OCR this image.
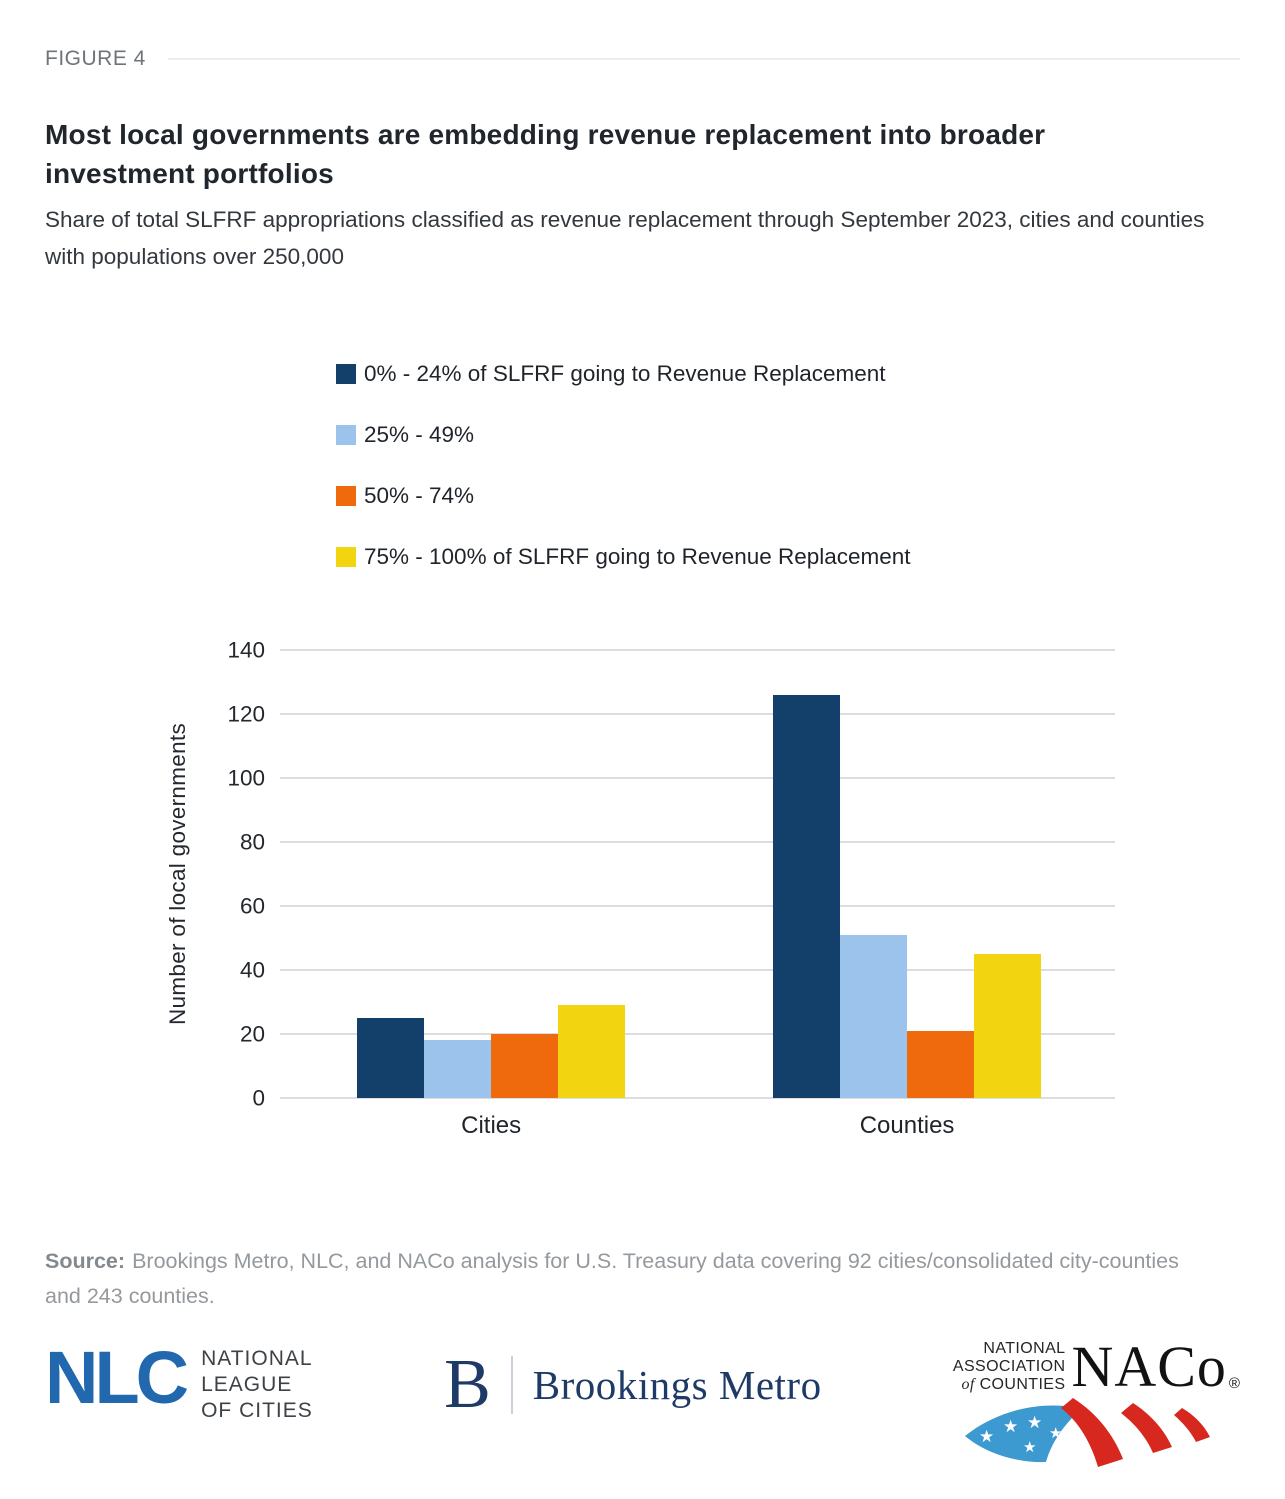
FIGURE 4
Most local governments are embedding revenue replacement into broader investment portfolios

Share of total SLFRF appropriations classified as revenue replacement through September 2023, cities and counties with populations over 250,000

0% - 24% of SLFRF going to Revenue Replacement
25% - 49%
50% - 74%
75% - 100% of SLFRF going to Revenue Replacement
Number of local governments
0
20
40
60
80
100
120
140
Cities	Counties

Source: Brookings Metro, NLC, and NACo analysis for U.S. Treasury data covering 92 cities/consolidated city-counties and 243 counties.

NLC NATIONAL
LEAGUE
OF CITIES B Brookings Metro
NATIONAL
ASSOCIATION
of COUNTIES NACo ®
★
★ ★
★
★
